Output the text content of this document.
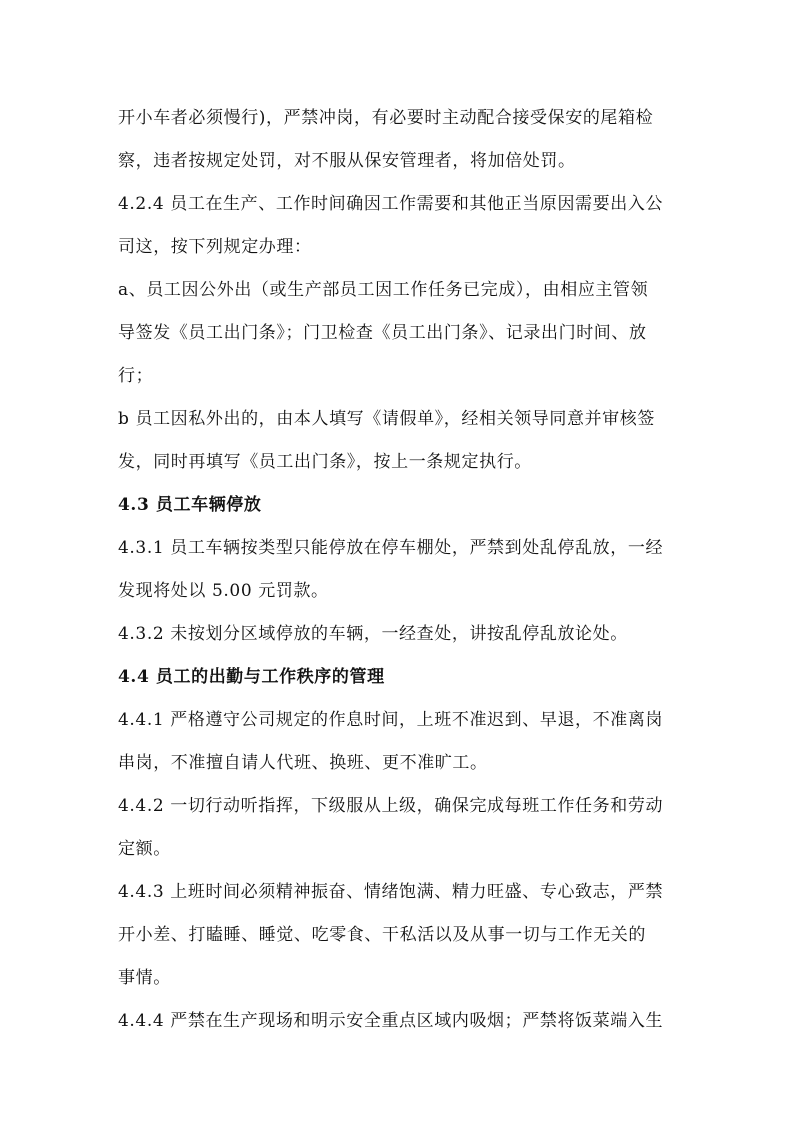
开小车者必须慢行)，严禁冲岗，有必要时主动配合接受保安的尾箱检
察，违者按规定处罚，对不服从保安管理者，将加倍处罚。
4.2.4 员工在生产、工作时间确因工作需要和其他正当原因需要出入公
司这，按下列规定办理：
a、员工因公外出（或生产部员工因工作任务已完成），由相应主管领
导签发《员工出门条》；门卫检查《员工出门条》、记录出门时间、放
行；
b 员工因私外出的，由本人填写《请假单》，经相关领导同意并审核签
发，同时再填写《员工出门条》，按上一条规定执行。
4.3 员工车辆停放
4.3.1 员工车辆按类型只能停放在停车棚处，严禁到处乱停乱放，一经
发现将处以 5.00 元罚款。
4.3.2 未按划分区域停放的车辆，一经查处，讲按乱停乱放论处。
4.4 员工的出勤与工作秩序的管理
4.4.1 严格遵守公司规定的作息时间，上班不准迟到、早退，不准离岗
串岗，不准擅自请人代班、换班、更不准旷工。
4.4.2 一切行动听指挥，下级服从上级，确保完成每班工作任务和劳动
定额。
4.4.3 上班时间必须精神振奋、情绪饱满、精力旺盛、专心致志，严禁
开小差、打瞌睡、睡觉、吃零食、干私活以及从事一切与工作无关的
事情。
4.4.4 严禁在生产现场和明示安全重点区域内吸烟；严禁将饭菜端入生
